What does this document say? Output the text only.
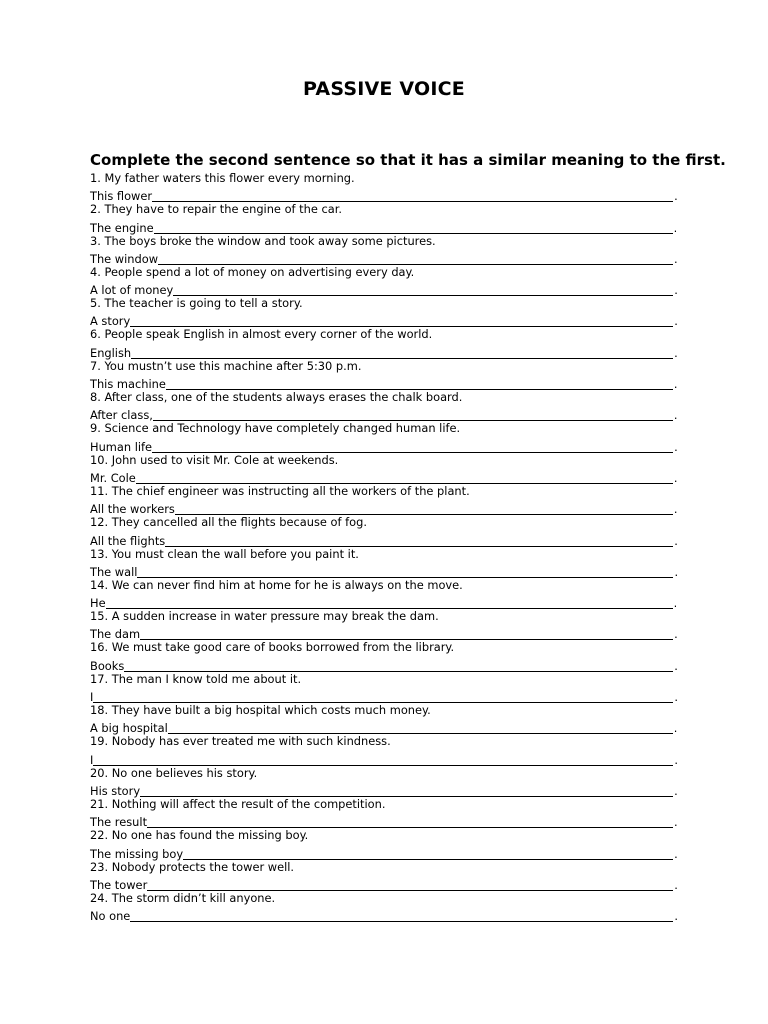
PASSIVE VOICE
Complete the second sentence so that it has a similar meaning to the first.
1. My father waters this flower every morning.
This flower	.
2. They have to repair the engine of the car.
The engine	.
3. The boys broke the window and took away some pictures.
The window	.
4. People spend a lot of money on advertising every day.
A lot of money	.
5. The teacher is going to tell a story.
A story	.
6. People speak English in almost every corner of the world.
English	.
7. You mustn’t use this machine after 5:30 p.m.
This machine	.
8. After class, one of the students always erases the chalk board.
After class,	.
9. Science and Technology have completely changed human life.
Human life	.
10. John used to visit Mr. Cole at weekends.
Mr. Cole	.
11. The chief engineer was instructing all the workers of the plant.
All the workers	.
12. They cancelled all the flights because of fog.
All the flights	.
13. You must clean the wall before you paint it.
The wall	.
14. We can never find him at home for he is always on the move.
He	.
15. A sudden increase in water pressure may break the dam.
The dam	.
16. We must take good care of books borrowed from the library.
Books	.
17. The man I know told me about it.
I	.
18. They have built a big hospital which costs much money.
A big hospital	.
19. Nobody has ever treated me with such kindness.
I	.
20. No one believes his story.
His story	.
21. Nothing will affect the result of the competition.
The result	.
22. No one has found the missing boy.
The missing boy	.
23. Nobody protects the tower well.
The tower	.
24. The storm didn’t kill anyone.
No one	.
